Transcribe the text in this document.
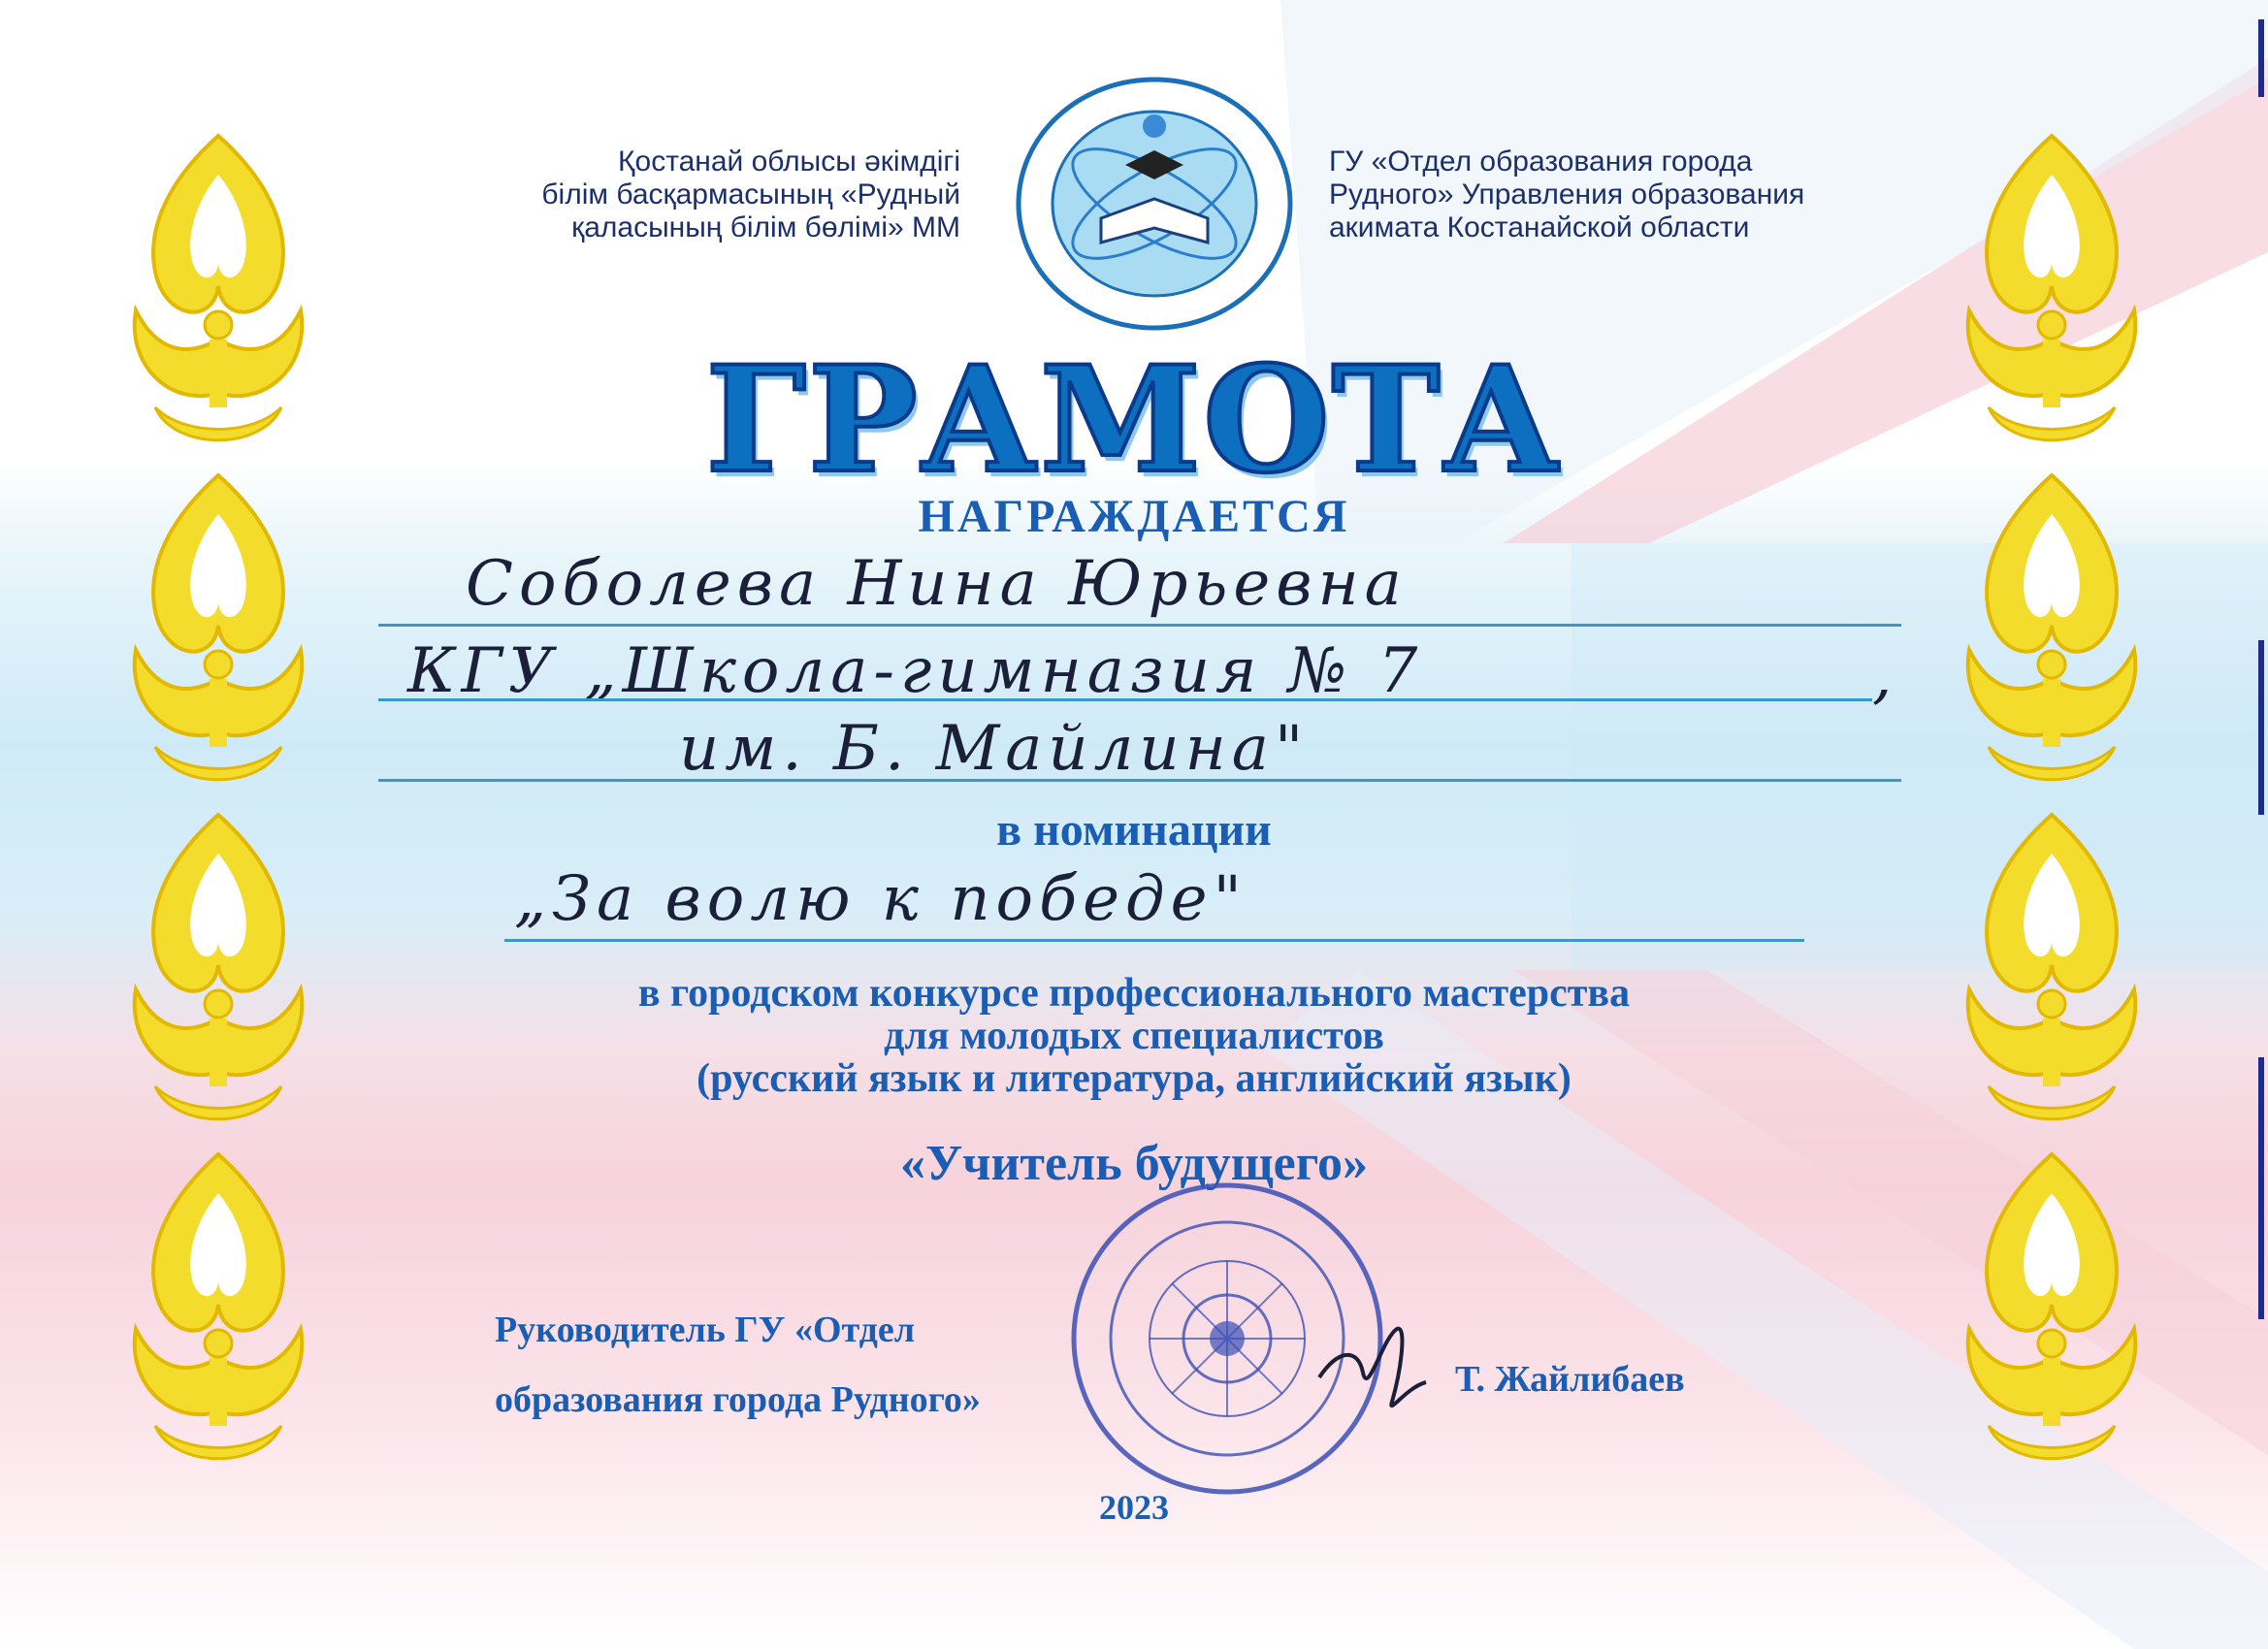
Қостанай облысы әкімдігі
білім басқармасының «Рудный
қаласының білім бөлімі» ММ
ГУ «Отдел образования города
Рудного» Управления образования
акимата Костанайской области
ГРАМОТА
НАГРАЖДАЕТСЯ
Соболева Нина Юрьевна
КГУ „Школа-гимназия № 7	,
им. Б. Майлина"
в номинации
„За волю к победе"
в городском конкурсе профессионального мастерства
для молодых специалистов
(русский язык и литература, английский язык)
«Учитель будущего»
Руководитель ГУ «Отдел
образования города Рудного»	Т. Жайлибаев
2023
